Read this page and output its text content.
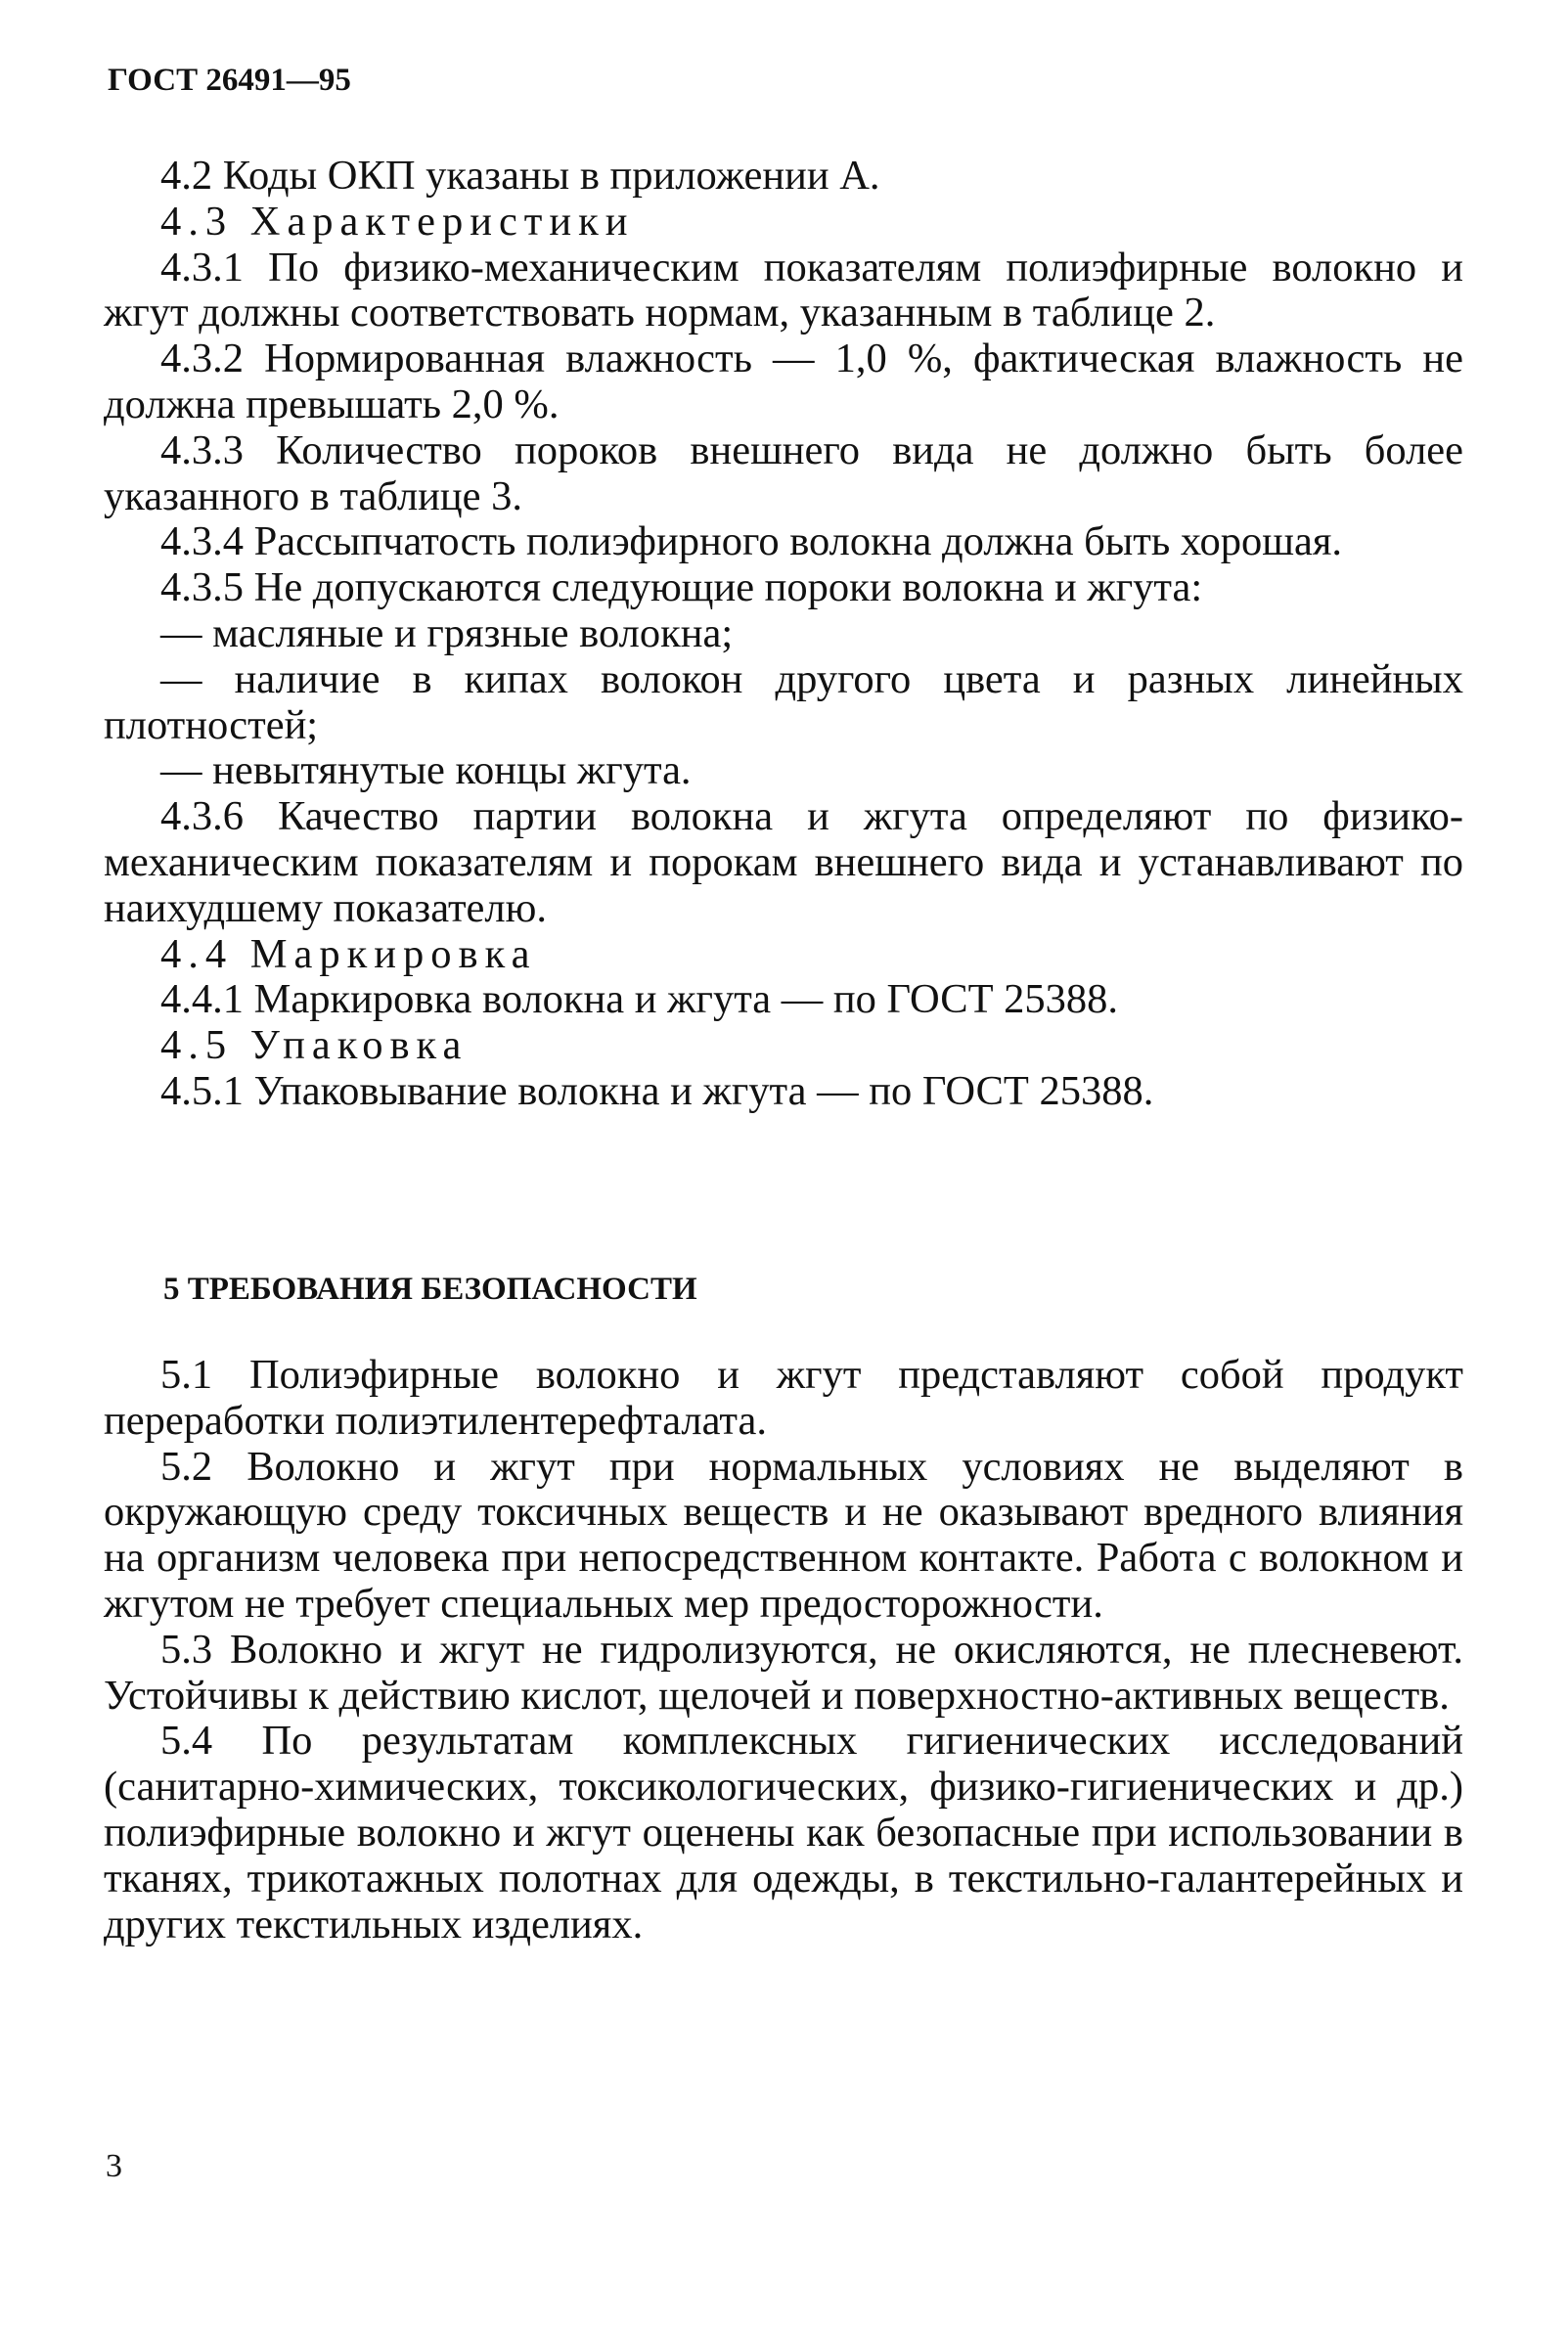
ГОСТ 26491—95

4.2 Коды ОКП указаны в приложении А.

4.3 Характеристики

4.3.1 По физико-механическим показателям полиэфирные волокно и жгут должны соответствовать нормам, указанным в таблице 2.

4.3.2 Нормированная влажность — 1,0 %, фактическая влажность не должна превышать 2,0 %.

4.3.3 Количество пороков внешнего вида не должно быть более указанного в таблице 3.

4.3.4 Рассыпчатость полиэфирного волокна должна быть хорошая.

4.3.5 Не допускаются следующие пороки волокна и жгута:

— масляные и грязные волокна;

— наличие в кипах волокон другого цвета и разных линейных плотностей;

— невытянутые концы жгута.

4.3.6 Качество партии волокна и жгута определяют по физико-механическим показателям и порокам внешнего вида и устанавливают по наихудшему показателю.

4.4 Маркировка

4.4.1 Маркировка волокна и жгута — по ГОСТ 25388.

4.5 Упаковка

4.5.1 Упаковывание волокна и жгута — по ГОСТ 25388.

5 ТРЕБОВАНИЯ БЕЗОПАСНОСТИ

5.1 Полиэфирные волокно и жгут представляют собой продукт переработки полиэтилентерефталата.

5.2 Волокно и жгут при нормальных условиях не выделяют в окружающую среду токсичных веществ и не оказывают вредного влияния на организм человека при непосредственном контакте. Работа с волокном и жгутом не требует специальных мер предосторожности.

5.3 Волокно и жгут не гидролизуются, не окисляются, не плесневеют. Устойчивы к действию кислот, щелочей и поверхностно-активных веществ.

5.4 По результатам комплексных гигиенических исследований (санитарно-химических, токсикологических, физико-гигиенических и др.) полиэфирные волокно и жгут оценены как безопасные при использовании в тканях, трикотажных полотнах для одежды, в текстильно-галантерейных и других текстильных изделиях.

3
